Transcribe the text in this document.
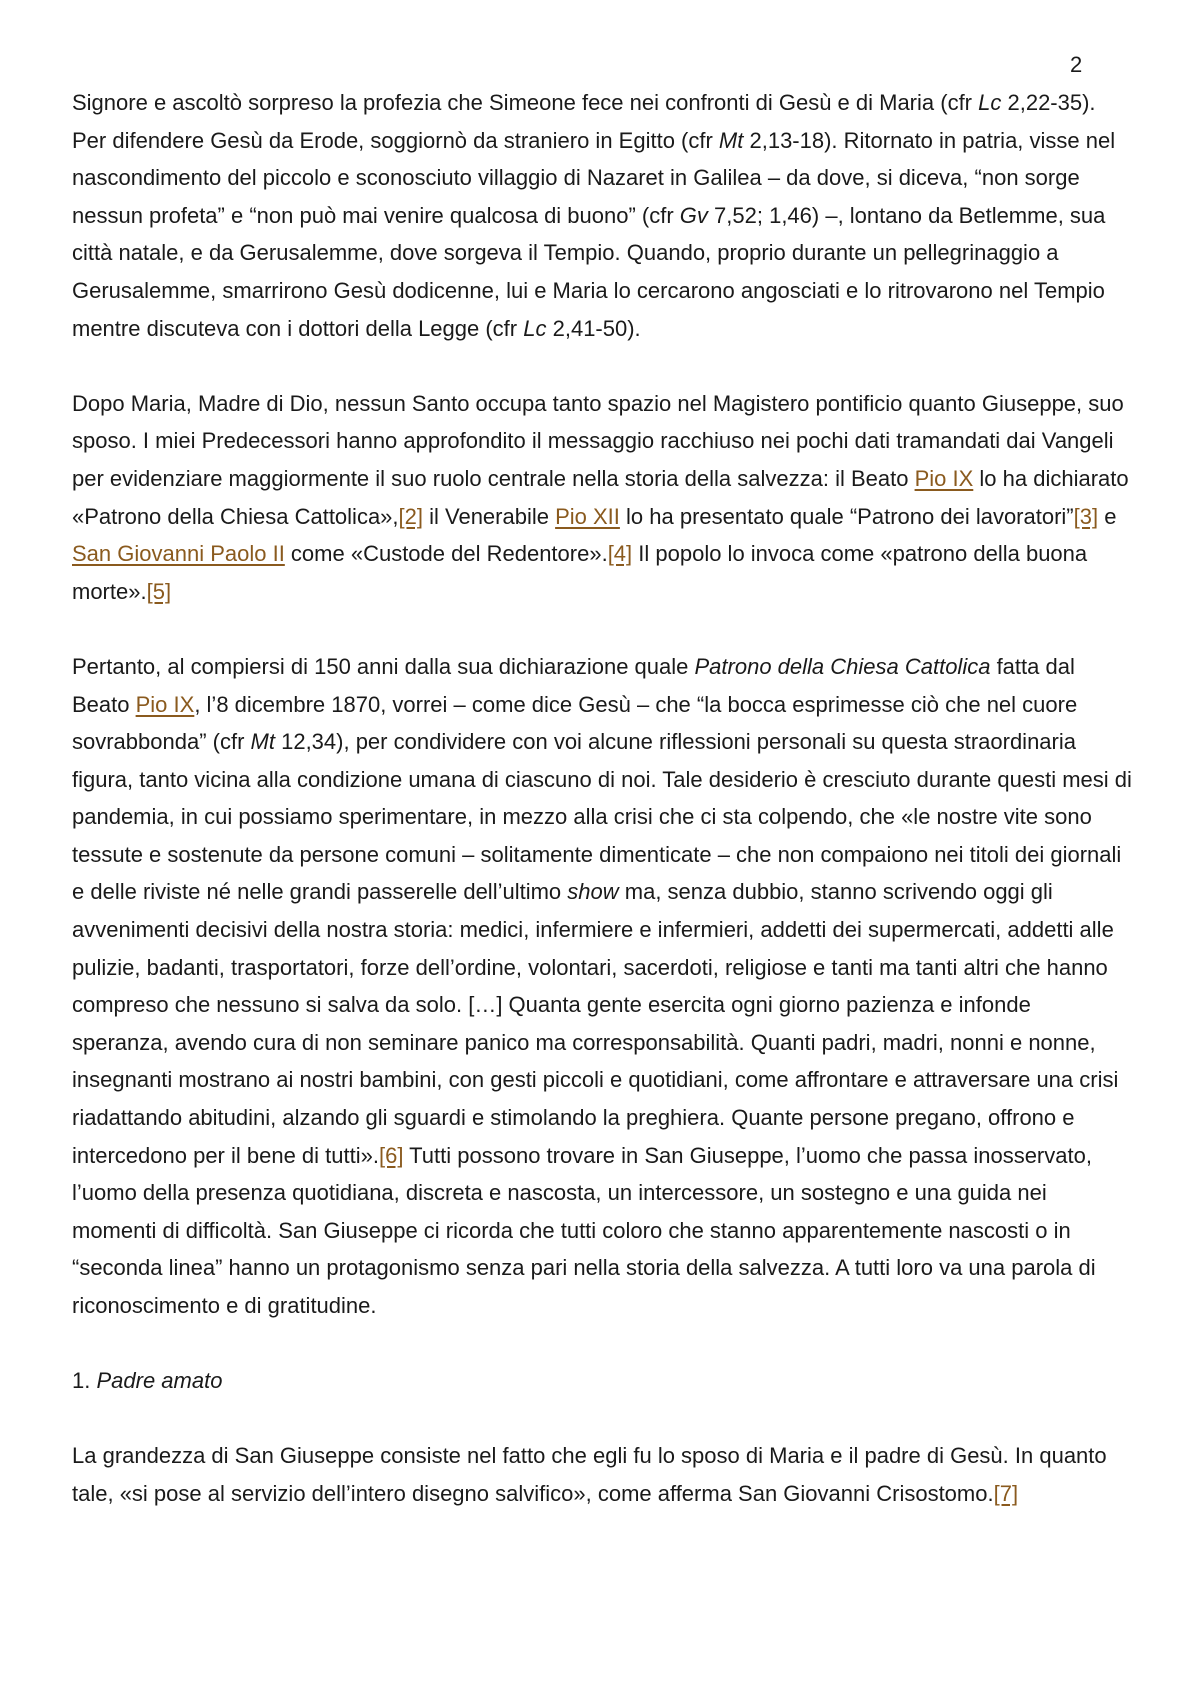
2

Signore e ascoltò sorpreso la profezia che Simeone fece nei confronti di Gesù e di Maria (cfr Lc 2,22-35). Per difendere Gesù da Erode, soggiornò da straniero in Egitto (cfr Mt 2,13-18). Ritornato in patria, visse nel nascondimento del piccolo e sconosciuto villaggio di Nazaret in Galilea – da dove, si diceva, “non sorge nessun profeta” e “non può mai venire qualcosa di buono” (cfr Gv 7,52; 1,46) –, lontano da Betlemme, sua città natale, e da Gerusalemme, dove sorgeva il Tempio. Quando, proprio durante un pellegrinaggio a Gerusalemme, smarrirono Gesù dodicenne, lui e Maria lo cercarono angosciati e lo ritrovarono nel Tempio mentre discuteva con i dottori della Legge (cfr Lc 2,41-50).

Dopo Maria, Madre di Dio, nessun Santo occupa tanto spazio nel Magistero pontificio quanto Giuseppe, suo sposo. I miei Predecessori hanno approfondito il messaggio racchiuso nei pochi dati tramandati dai Vangeli per evidenziare maggiormente il suo ruolo centrale nella storia della salvezza: il Beato Pio IX lo ha dichiarato «Patrono della Chiesa Cattolica»,[2] il Venerabile Pio XII lo ha presentato quale “Patrono dei lavoratori”[3] e San Giovanni Paolo II come «Custode del Redentore».[4] Il popolo lo invoca come «patrono della buona morte».[5]

Pertanto, al compiersi di 150 anni dalla sua dichiarazione quale Patrono della Chiesa Cattolica fatta dal Beato Pio IX, l’8 dicembre 1870, vorrei – come dice Gesù – che “la bocca esprimesse ciò che nel cuore sovrabbonda” (cfr Mt 12,34), per condividere con voi alcune riflessioni personali su questa straordinaria figura, tanto vicina alla condizione umana di ciascuno di noi. Tale desiderio è cresciuto durante questi mesi di pandemia, in cui possiamo sperimentare, in mezzo alla crisi che ci sta colpendo, che «le nostre vite sono tessute e sostenute da persone comuni – solitamente dimenticate – che non compaiono nei titoli dei giornali e delle riviste né nelle grandi passerelle dell’ultimo show ma, senza dubbio, stanno scrivendo oggi gli avvenimenti decisivi della nostra storia: medici, infermiere e infermieri, addetti dei supermercati, addetti alle pulizie, badanti, trasportatori, forze dell’ordine, volontari, sacerdoti, religiose e tanti ma tanti altri che hanno compreso che nessuno si salva da solo. […] Quanta gente esercita ogni giorno pazienza e infonde speranza, avendo cura di non seminare panico ma corresponsabilità. Quanti padri, madri, nonni e nonne, insegnanti mostrano ai nostri bambini, con gesti piccoli e quotidiani, come affrontare e attraversare una crisi riadattando abitudini, alzando gli sguardi e stimolando la preghiera. Quante persone pregano, offrono e intercedono per il bene di tutti».[6] Tutti possono trovare in San Giuseppe, l’uomo che passa inosservato, l’uomo della presenza quotidiana, discreta e nascosta, un intercessore, un sostegno e una guida nei momenti di difficoltà. San Giuseppe ci ricorda che tutti coloro che stanno apparentemente nascosti o in “seconda linea” hanno un protagonismo senza pari nella storia della salvezza. A tutti loro va una parola di riconoscimento e di gratitudine.

1. Padre amato

La grandezza di San Giuseppe consiste nel fatto che egli fu lo sposo di Maria e il padre di Gesù. In quanto tale, «si pose al servizio dell’intero disegno salvifico», come afferma San Giovanni Crisostomo.[7]
